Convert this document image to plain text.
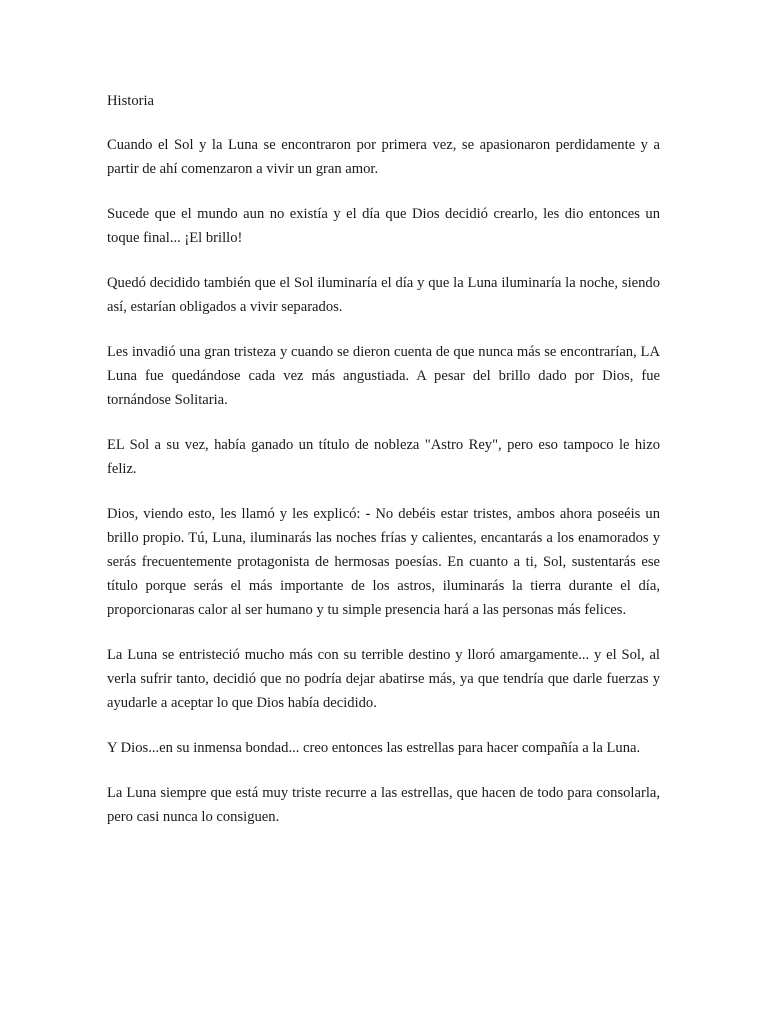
Historia

Cuando el Sol y la Luna se encontraron por primera vez, se apasionaron perdidamente y a partir de ahí comenzaron a vivir un gran amor.

Sucede que el mundo aun no existía y el día que Dios decidió crearlo, les dio entonces un toque final... ¡El brillo!

Quedó decidido también que el Sol iluminaría el día y que la Luna iluminaría la noche, siendo así, estarían obligados a vivir separados.

Les invadió una gran tristeza y cuando se dieron cuenta de que nunca más se encontrarían, LA Luna fue quedándose cada vez más angustiada. A pesar del brillo dado por Dios, fue tornándose Solitaria.

EL Sol a su vez, había ganado un título de nobleza "Astro Rey", pero eso tampoco le hizo feliz.

Dios, viendo esto, les llamó y les explicó: - No debéis estar tristes, ambos ahora poseéis un brillo propio. Tú, Luna, iluminarás las noches frías y calientes, encantarás a los enamorados y serás frecuentemente protagonista de hermosas poesías. En cuanto a ti, Sol, sustentarás ese título porque serás el más importante de los astros, iluminarás la tierra durante el día, proporcionaras calor al ser humano y tu simple presencia hará a las personas más felices.

La Luna se entristeció mucho más con su terrible destino y lloró amargamente... y el Sol, al verla sufrir tanto, decidió que no podría dejar abatirse más, ya que tendría que darle fuerzas y ayudarle a aceptar lo que Dios había decidido.

Y Dios...en su inmensa bondad... creo entonces las estrellas para hacer compañía a la Luna.

La Luna siempre que está muy triste recurre a las estrellas, que hacen de todo para consolarla, pero casi nunca lo consiguen.
